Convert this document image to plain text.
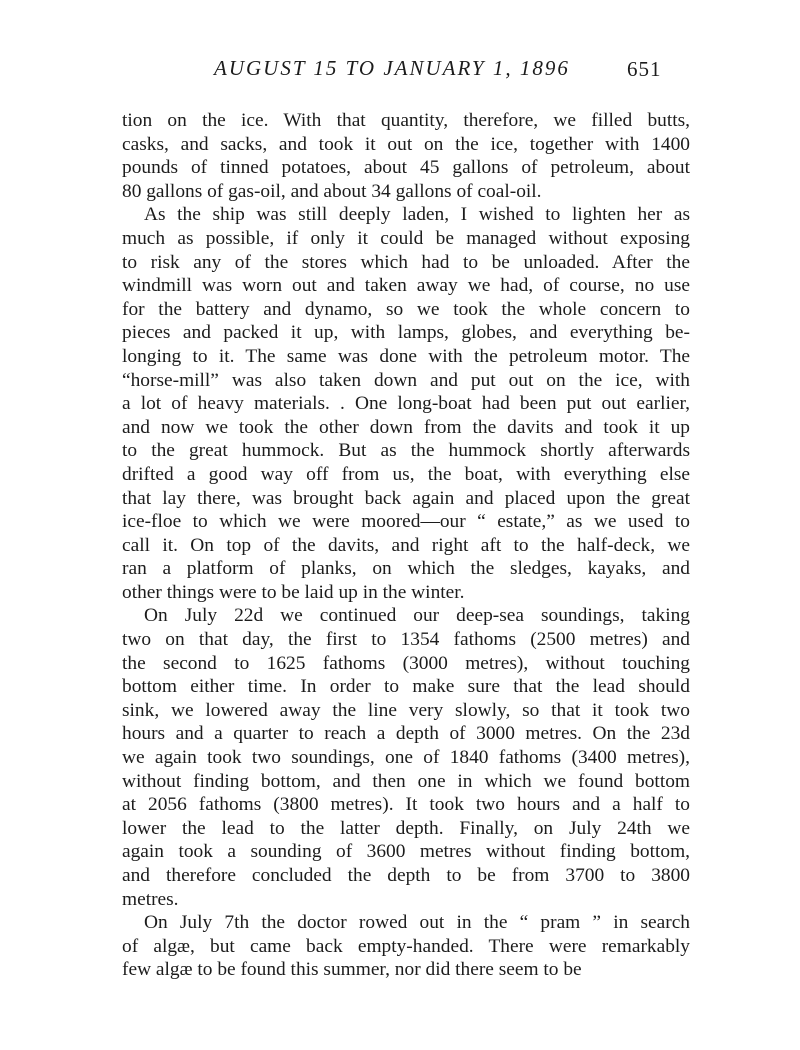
AUGUST 15 TO JANUARY 1, 1896	651
tion on the ice. With that quantity, therefore, we filled butts,
casks, and sacks, and took it out on the ice, together with 1400
pounds of tinned potatoes, about 45 gallons of petroleum, about
80 gallons of gas-oil, and about 34 gallons of coal-oil.
As the ship was still deeply laden, I wished to lighten her as
much as possible, if only it could be managed without exposing
to risk any of the stores which had to be unloaded. After the
windmill was worn out and taken away we had, of course, no use
for the battery and dynamo, so we took the whole concern to
pieces and packed it up, with lamps, globes, and everything be-
longing to it. The same was done with the petroleum motor. The
“horse-mill” was also taken down and put out on the ice, with
a lot of heavy materials. . One long-boat had been put out earlier,
and now we took the other down from the davits and took it up
to the great hummock. But as the hummock shortly afterwards
drifted a good way off from us, the boat, with everything else
that lay there, was brought back again and placed upon the great
ice-floe to which we were moored—our “ estate,” as we used to
call it. On top of the davits, and right aft to the half-deck, we
ran a platform of planks, on which the sledges, kayaks, and
other things were to be laid up in the winter.
On July 22d we continued our deep-sea soundings, taking
two on that day, the first to 1354 fathoms (2500 metres) and
the second to 1625 fathoms (3000 metres), without touching
bottom either time. In order to make sure that the lead should
sink, we lowered away the line very slowly, so that it took two
hours and a quarter to reach a depth of 3000 metres. On the 23d
we again took two soundings, one of 1840 fathoms (3400 metres),
without finding bottom, and then one in which we found bottom
at 2056 fathoms (3800 metres). It took two hours and a half to
lower the lead to the latter depth. Finally, on July 24th we
again took a sounding of 3600 metres without finding bottom,
and therefore concluded the depth to be from 3700 to 3800
metres.
On July 7th the doctor rowed out in the “ pram ” in search
of algæ, but came back empty-handed. There were remarkably
few algæ to be found this summer, nor did there seem to be
